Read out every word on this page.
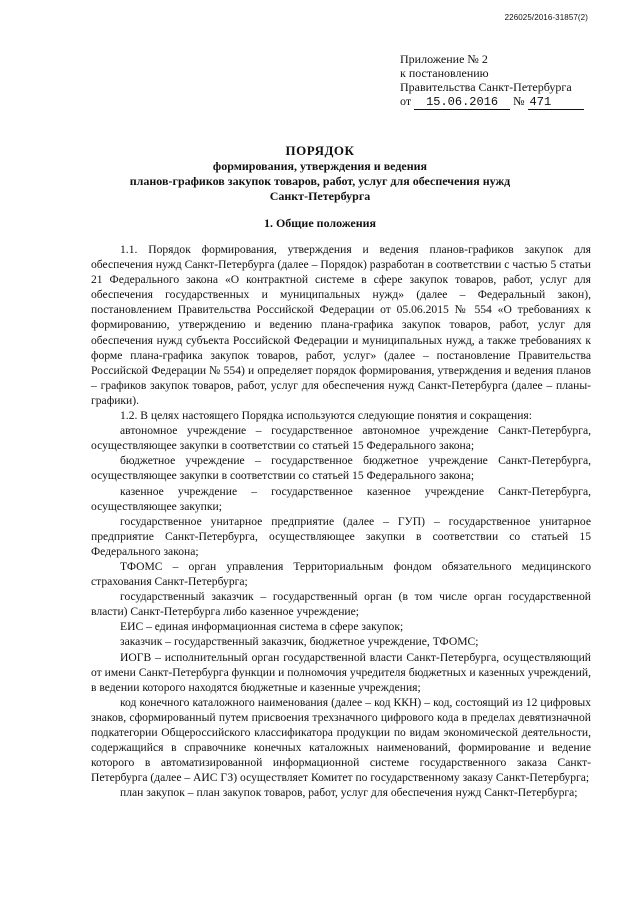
226025/2016-31857(2)
Приложение № 2
к постановлению
Правительства Санкт-Петербурга
от 15.06.2016 № 471
ПОРЯДОК
формирования, утверждения и ведения
планов-графиков закупок товаров, работ, услуг для обеспечения нужд
Санкт-Петербурга
1. Общие положения

1.1. Порядок формирования, утверждения и ведения планов-графиков закупок для обеспечения нужд Санкт-Петербурга (далее – Порядок) разработан в соответствии с частью 5 статьи 21 Федерального закона «О контрактной системе в сфере закупок товаров, работ, услуг для обеспечения государственных и муниципальных нужд» (далее – Федеральный закон), постановлением Правительства Российской Федерации от 05.06.2015 № 554 «О требованиях к формированию, утверждению и ведению плана-графика закупок товаров, работ, услуг для обеспечения нужд субъекта Российской Федерации и муниципальных нужд, а также требованиях к форме плана-графика закупок товаров, работ, услуг» (далее – постановление Правительства Российской Федерации № 554) и определяет порядок формирования, утверждения и ведения планов – графиков закупок товаров, работ, услуг для обеспечения нужд Санкт-Петербурга (далее – планы-графики).

1.2. В целях настоящего Порядка используются следующие понятия и сокращения:

автономное учреждение – государственное автономное учреждение Санкт-Петербурга, осуществляющее закупки в соответствии со статьей 15 Федерального закона;

бюджетное учреждение – государственное бюджетное учреждение Санкт-Петербурга, осуществляющее закупки в соответствии со статьей 15 Федерального закона;

казенное учреждение – государственное казенное учреждение Санкт-Петербурга, осуществляющее закупки;

государственное унитарное предприятие (далее – ГУП) – государственное унитарное предприятие Санкт-Петербурга, осуществляющее закупки в соответствии со статьей 15 Федерального закона;

ТФОМС – орган управления Территориальным фондом обязательного медицинского страхования Санкт-Петербурга;

государственный заказчик – государственный орган (в том числе орган государственной власти) Санкт-Петербурга либо казенное учреждение;

ЕИС – единая информационная система в сфере закупок;

заказчик – государственный заказчик, бюджетное учреждение, ТФОМС;

ИОГВ – исполнительный орган государственной власти Санкт-Петербурга, осуществляющий от имени Санкт-Петербурга функции и полномочия учредителя бюджетных и казенных учреждений, в ведении которого находятся бюджетные и казенные учреждения;

код конечного каталожного наименования (далее – код ККН) – код, состоящий из 12 цифровых знаков, сформированный путем присвоения трехзначного цифрового кода в пределах девятизначной подкатегории Общероссийского классификатора продукции по видам экономической деятельности, содержащийся в справочнике конечных каталожных наименований, формирование и ведение которого в автоматизированной информационной системе государственного заказа Санкт-Петербурга (далее – АИС ГЗ) осуществляет Комитет по государственному заказу Санкт-Петербурга;

план закупок – план закупок товаров, работ, услуг для обеспечения нужд Санкт-Петербурга;
